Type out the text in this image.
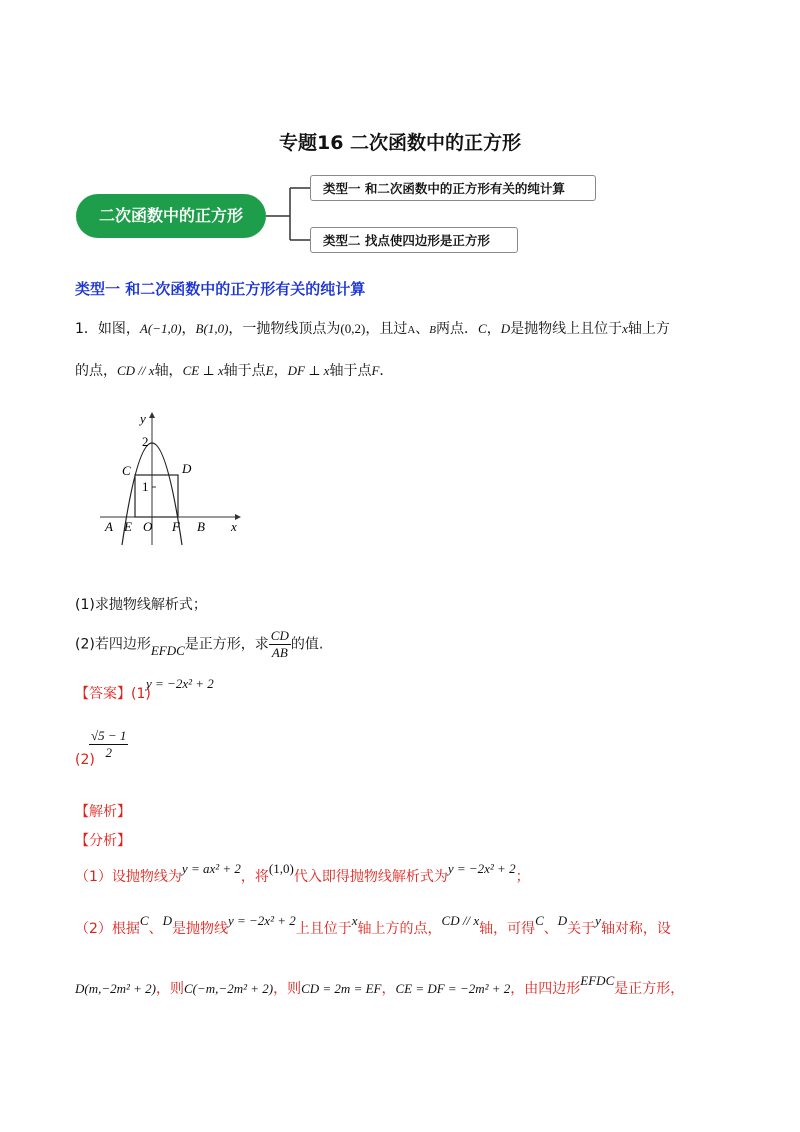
专题16 二次函数中的正方形
二次函数中的正方形
类型一 和二次函数中的正方形有关的纯计算
类型二 找点使四边形是正方形
类型一 和二次函数中的正方形有关的纯计算
1．如图，A(−1,0)，B(1,0)，一抛物线顶点为(0,2)，且过A、B两点．C，D是抛物线上且位于x轴上方
的点，CD // x轴，CE ⊥ x轴于点E，DF ⊥ x轴于点F．
y
2
1
C	D
A E O F B x
(1)求抛物线解析式；
(2)若四边形EFDC是正方形，求 $\frac{CD}{AB}$ 的值.
【答案】(1)
y = −2x² + 2
(2)
$\frac{√5 - 1}{2}$
【解析】
【分析】
（1）设抛物线为y = ax² + 2，将(1,0)代入即得抛物线解析式为y = −2x² + 2；
（2）根据C、D是抛物线y = −2x² + 2上且位于x轴上方的点，CD // x轴，可得C、D关于y轴对称，设
D(m,−2m² + 2)，则C(−m,−2m² + 2)，则CD = 2m = EF，CE = DF = −2m² + 2，由四边形EFDC是正方形，
